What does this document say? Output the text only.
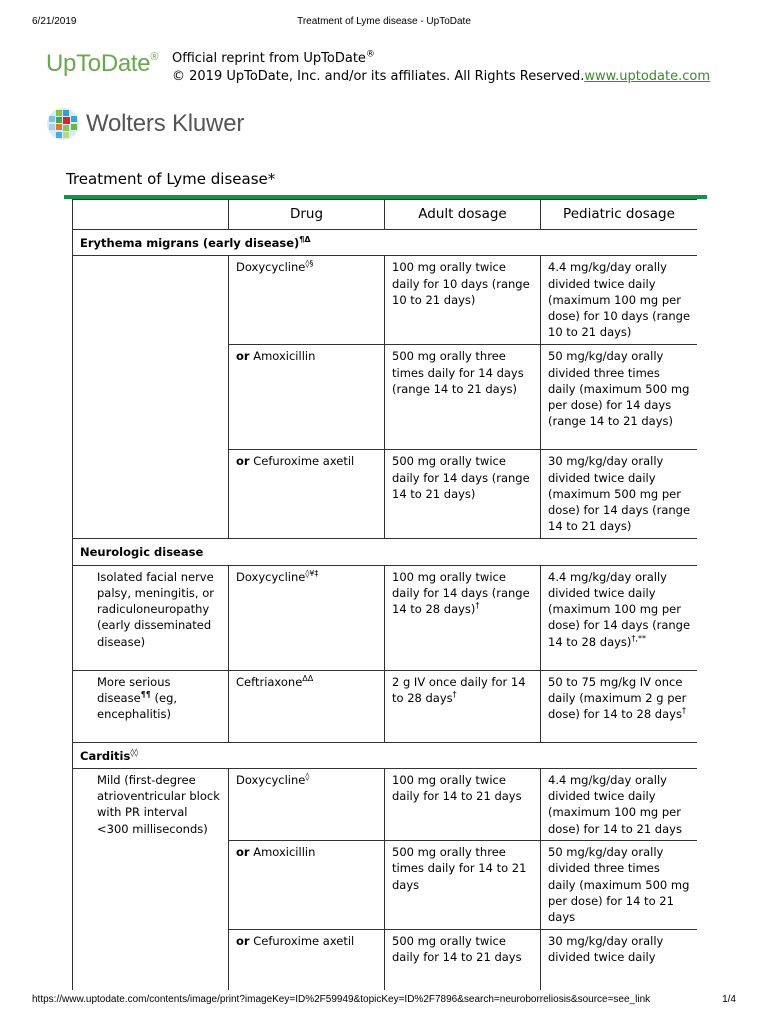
6/21/2019	Treatment of Lyme disease - UpToDate
UpToDate® Official reprint from UpToDate®
© 2019 UpToDate, Inc. and/or its affiliates. All Rights Reserved.www.uptodate.com
Wolters Kluwer
Treatment of Lyme disease*
	Drug	Adult dosage	Pediatric dosage
Erythema migrans (early disease)$^{\P\Delta}$
	Doxycycline◊§	100 mg orally twice daily for 10 days (range 10 to 21 days)	4.4 mg/kg/day orally divided twice daily (maximum 100 mg per dose) for 10 days (range 10 to 21 days)
	or Amoxicillin	500 mg orally three times daily for 14 days (range 14 to 21 days)	50 mg/kg/day orally divided three times daily (maximum 500 mg per dose) for 14 days (range 14 to 21 days)
	or Cefuroxime axetil	500 mg orally twice daily for 14 days (range 14 to 21 days)	30 mg/kg/day orally divided twice daily (maximum 500 mg per dose) for 14 days (range 14 to 21 days)
Neurologic disease			
Isolated facial nerve palsy, meningitis, or radiculoneuropathy (early disseminated disease)	Doxycycline◊¥‡	100 mg orally twice daily for 14 days (range 14 to 28 days)†	4.4 mg/kg/day orally divided twice daily (maximum 100 mg per dose) for 14 days (range 14 to 28 days)†,**
More serious disease¶¶ (eg, encephalitis)	Ceftriaxone$^{\Delta\Delta}$	2 g IV once daily for 14 to 28 days†	50 to 75 mg/kg IV once daily (maximum 2 g per dose) for 14 to 28 days†
Carditis◊◊
Mild (first-degree atrioventricular block with PR interval <300 milliseconds)	Doxycycline◊	100 mg orally twice daily for 14 to 21 days	4.4 mg/kg/day orally divided twice daily (maximum 100 mg per dose) for 14 to 21 days
	or Amoxicillin	500 mg orally three times daily for 14 to 21 days	50 mg/kg/day orally divided three times daily (maximum 500 mg per dose) for 14 to 21 days
	or Cefuroxime axetil	500 mg orally twice daily for 14 to 21 days	30 mg/kg/day orally divided twice daily
https://www.uptodate.com/contents/image/print?imageKey=ID%2F59949&topicKey=ID%2F7896&search=neuroborreliosis&source=see_link	1/4
